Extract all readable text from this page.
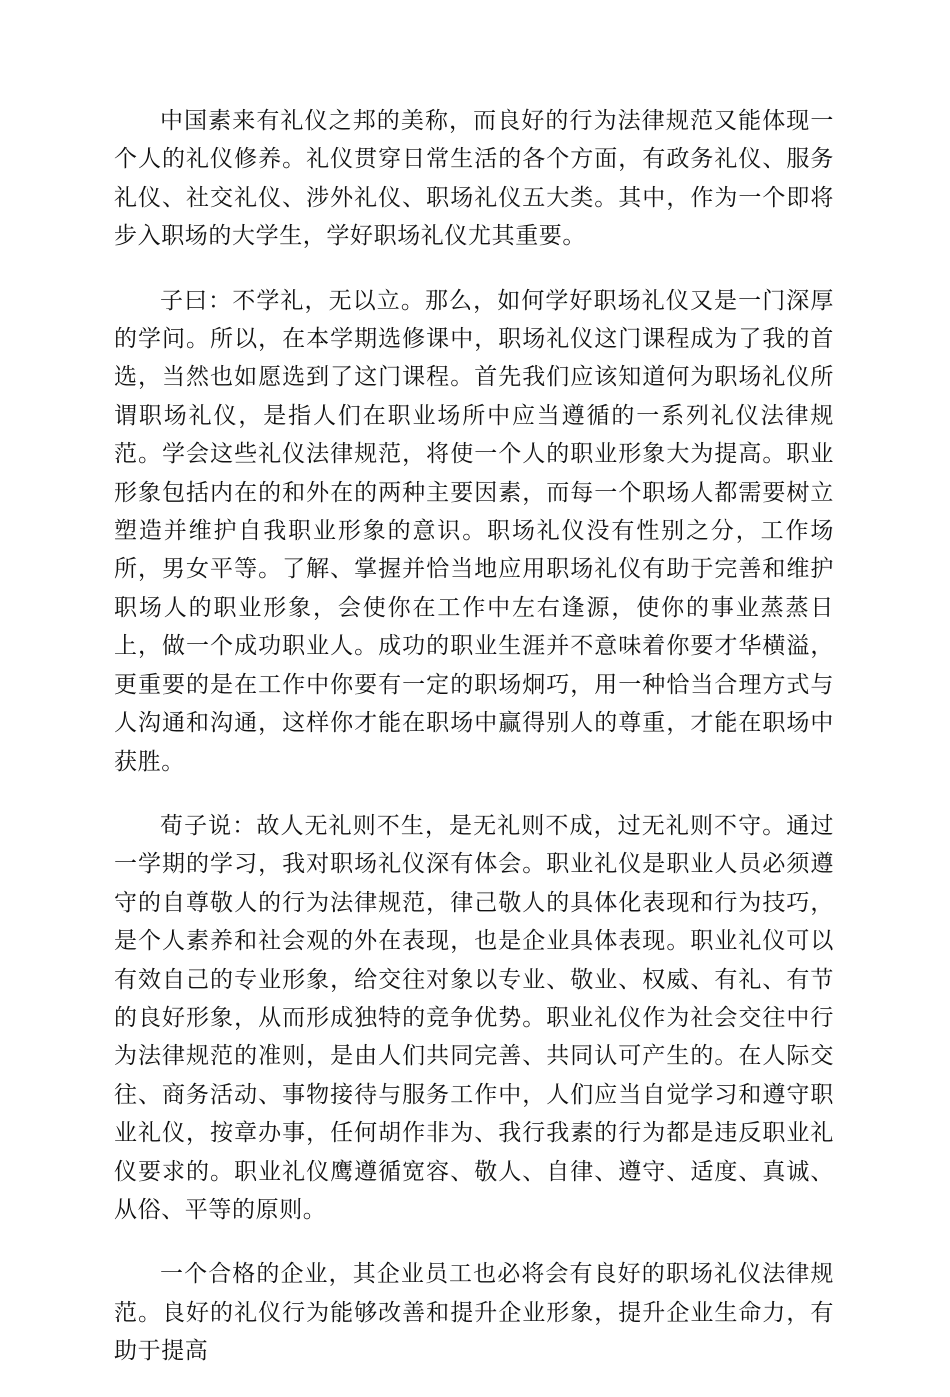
中国素来有礼仪之邦的美称，而良好的行为法律规范又能体现一个人的礼仪修养。礼仪贯穿日常生活的各个方面，有政务礼仪、服务礼仪、社交礼仪、涉外礼仪、职场礼仪五大类。其中，作为一个即将步入职场的大学生，学好职场礼仪尤其重要。

子曰：不学礼，无以立。那么，如何学好职场礼仪又是一门深厚的学问。所以，在本学期选修课中，职场礼仪这门课程成为了我的首选，当然也如愿选到了这门课程。首先我们应该知道何为职场礼仪所谓职场礼仪，是指人们在职业场所中应当遵循的一系列礼仪法律规范。学会这些礼仪法律规范，将使一个人的职业形象大为提高。职业形象包括内在的和外在的两种主要因素，而每一个职场人都需要树立塑造并维护自我职业形象的意识。职场礼仪没有性别之分，工作场所，男女平等。了解、掌握并恰当地应用职场礼仪有助于完善和维护职场人的职业形象，会使你在工作中左右逢源，使你的事业蒸蒸日上，做一个成功职业人。成功的职业生涯并不意味着你要才华横溢，更重要的是在工作中你要有一定的职场炯巧，用一种恰当合理方式与人沟通和沟通，这样你才能在职场中赢得别人的尊重，才能在职场中获胜。

荀子说：故人无礼则不生，是无礼则不成，过无礼则不守。通过一学期的学习，我对职场礼仪深有体会。职业礼仪是职业人员必须遵守的自尊敬人的行为法律规范，律己敬人的具体化表现和行为技巧，是个人素养和社会观的外在表现，也是企业具体表现。职业礼仪可以有效自己的专业形象，给交往对象以专业、敬业、权威、有礼、有节的良好形象，从而形成独特的竞争优势。职业礼仪作为社会交往中行为法律规范的准则，是由人们共同完善、共同认可产生的。在人际交往、商务活动、事物接待与服务工作中，人们应当自觉学习和遵守职业礼仪，按章办事，任何胡作非为、我行我素的行为都是违反职业礼仪要求的。职业礼仪鹰遵循宽容、敬人、自律、遵守、适度、真诚、从俗、平等的原则。

一个合格的企业，其企业员工也必将会有良好的职场礼仪法律规范。良好的礼仪行为能够改善和提升企业形象，提升企业生命力，有助于提高
